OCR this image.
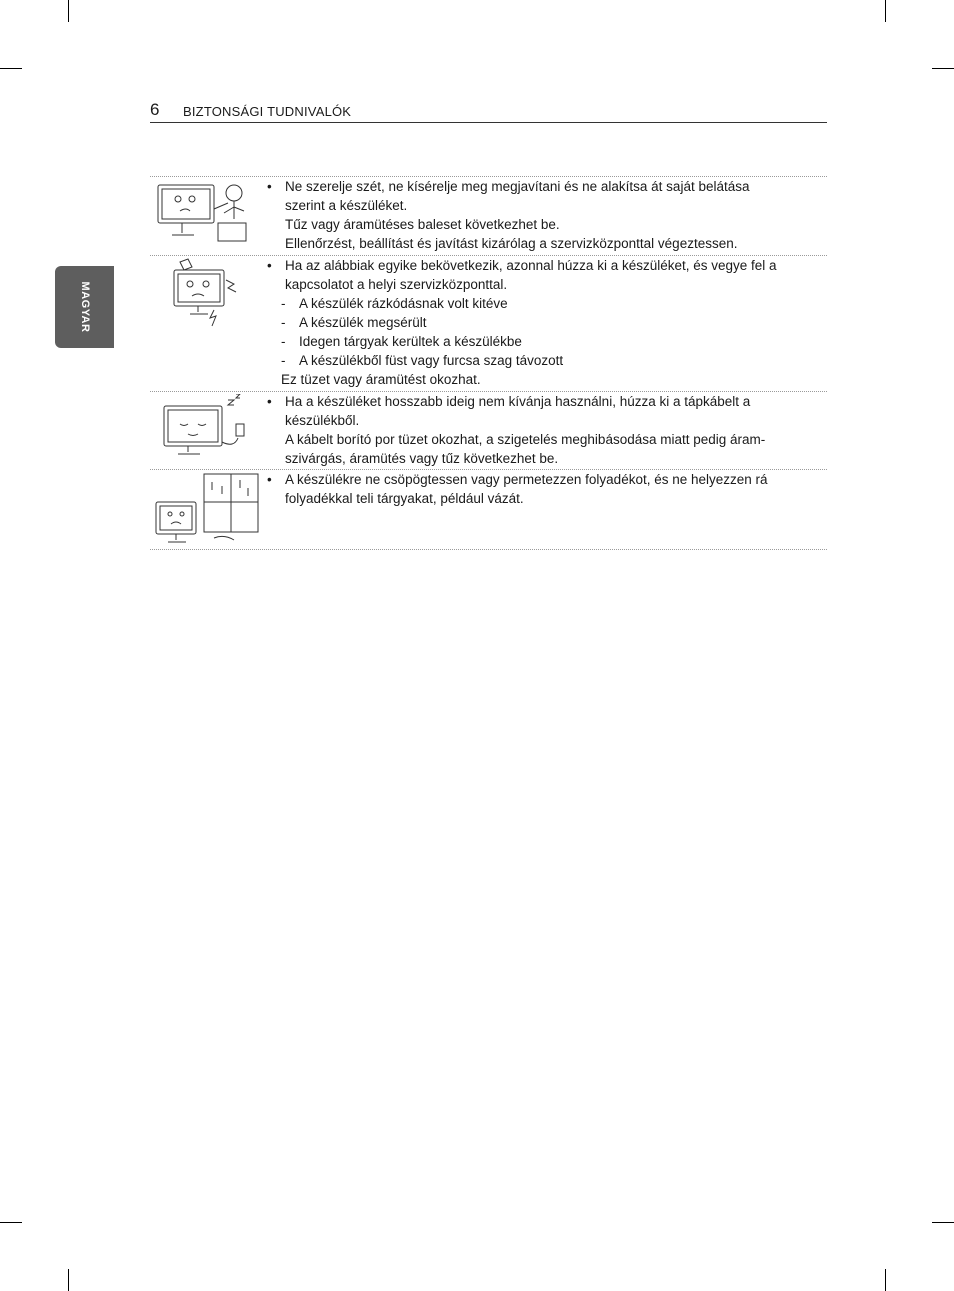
6 BIZTONSÁGI TUDNIVALÓK
MAGYAR
• Ne szerelje szét, ne kísérelje meg megjavítani és ne alakítsa át saját belátása
szerint a készüléket.
Tűz vagy áramütéses baleset következhet be.
Ellenőrzést, beállítást és javítást kizárólag a szervizközponttal végeztessen.
• Ha az alábbiak egyike bekövetkezik, azonnal húzza ki a készüléket, és vegye fel a
kapcsolatot a helyi szervizközponttal.
- A készülék rázkódásnak volt kitéve
- A készülék megsérült
- Idegen tárgyak kerültek a készülékbe
- A készülékből füst vagy furcsa szag távozott
Ez tüzet vagy áramütést okozhat.
• Ha a készüléket hosszabb ideig nem kívánja használni, húzza ki a tápkábelt a
készülékből.
A kábelt borító por tüzet okozhat, a szigetelés meghibásodása miatt pedig áram-
szivárgás, áramütés vagy tűz következhet be.
• A készülékre ne csöpögtessen vagy permetezzen folyadékot, és ne helyezzen rá
folyadékkal teli tárgyakat, például vázát.
